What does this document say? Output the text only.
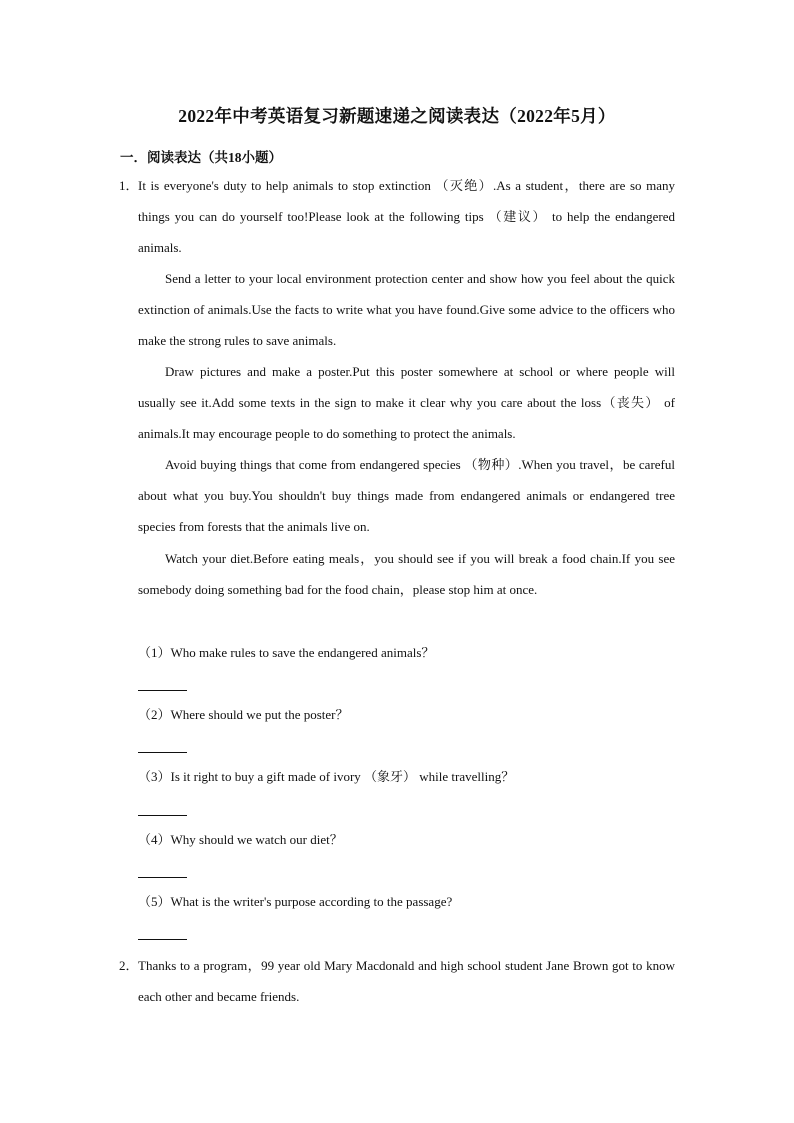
2022年中考英语复习新题速递之阅读表达（2022年5月）
一．阅读表达（共18小题）
1． It is everyone's duty to help animals to stop extinction （灭绝）.As a student，there are so many things you can do yourself too!Please look at the following tips （建议） to help the endangered animals.
Send a letter to your local environment protection center and show how you feel about the quick extinction of animals.Use the facts to write what you have found.Give some advice to the officers who make the strong rules to save animals.
Draw pictures and make a poster.Put this poster somewhere at school or where people will usually see it.Add some texts in the sign to make it clear why you care about the loss（丧失） of animals.It may encourage people to do something to protect the animals.
Avoid buying things that come from endangered species （物种）.When you travel，be careful about what you buy.You shouldn't buy things made from endangered animals or endangered tree species from forests that the animals live on.
Watch your diet.Before eating meals，you should see if you will break a food chain.If you see somebody doing something bad for the food chain，please stop him at once.
（1）Who make rules to save the endangered animals？
（2）Where should we put the poster？
（3）Is it right to buy a gift made of ivory （象牙） while travelling？
（4）Why should we watch our diet？
（5）What is the writer's purpose according to the passage?
2． Thanks to a program，99 year old Mary Macdonald and high school student Jane Brown got to know each other and became friends.
